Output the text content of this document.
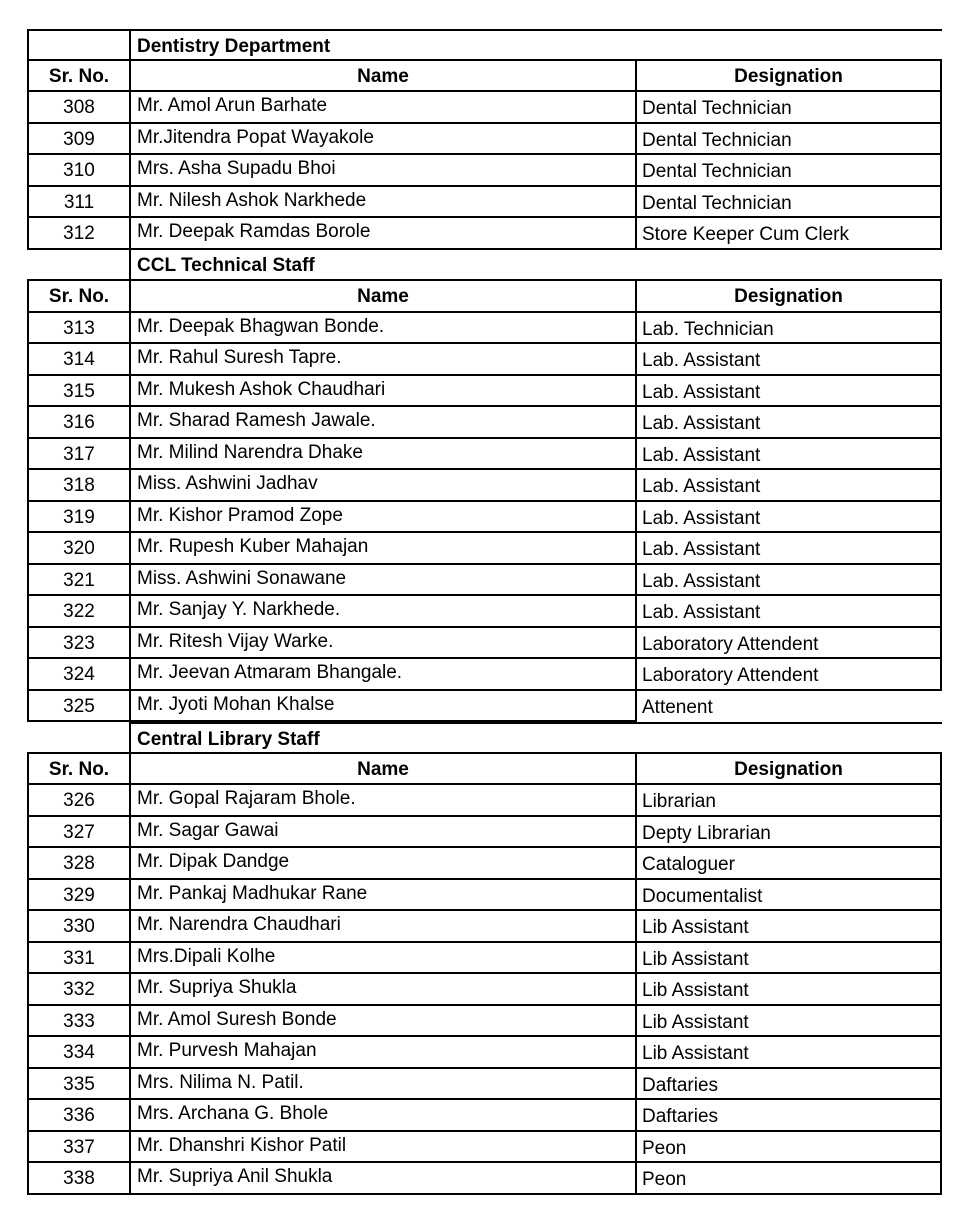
Dentistry Department
Sr. No.	Name	Designation
308	Mr. Amol Arun Barhate	Dental Technician
309	Mr.Jitendra Popat Wayakole	Dental Technician
310	Mrs. Asha Supadu Bhoi	Dental Technician
311	Mr. Nilesh Ashok Narkhede	Dental Technician
312	Mr. Deepak Ramdas Borole	Store Keeper Cum Clerk
CCL Technical Staff
Sr. No.	Name	Designation
313	Mr. Deepak Bhagwan Bonde.	Lab. Technician
314	Mr. Rahul Suresh Tapre.	Lab. Assistant
315	Mr. Mukesh Ashok Chaudhari	Lab. Assistant
316	Mr. Sharad Ramesh Jawale.	Lab. Assistant
317	Mr. Milind Narendra Dhake	Lab. Assistant
318	Miss. Ashwini Jadhav	Lab. Assistant
319	Mr. Kishor Pramod Zope	Lab. Assistant
320	Mr. Rupesh Kuber Mahajan	Lab. Assistant
321	Miss. Ashwini Sonawane	Lab. Assistant
322	Mr. Sanjay Y. Narkhede.	Lab. Assistant
323	Mr. Ritesh Vijay Warke.	Laboratory Attendent
324	Mr. Jeevan Atmaram Bhangale.	Laboratory Attendent
325	Mr. Jyoti Mohan Khalse	Attenent
Central Library Staff
Sr. No.	Name	Designation
326	Mr. Gopal Rajaram Bhole.	Librarian
327	Mr. Sagar Gawai	Depty Librarian
328	Mr. Dipak Dandge	Cataloguer
329	Mr. Pankaj Madhukar Rane	Documentalist
330	Mr. Narendra Chaudhari	Lib Assistant
331	Mrs.Dipali Kolhe	Lib Assistant
332	Mr. Supriya Shukla	Lib Assistant
333	Mr. Amol Suresh Bonde	Lib Assistant
334	Mr. Purvesh Mahajan	Lib Assistant
335	Mrs. Nilima N. Patil.	Daftaries
336	Mrs. Archana G. Bhole	Daftaries
337	Mr. Dhanshri Kishor Patil	Peon
338	Mr. Supriya Anil Shukla	Peon
